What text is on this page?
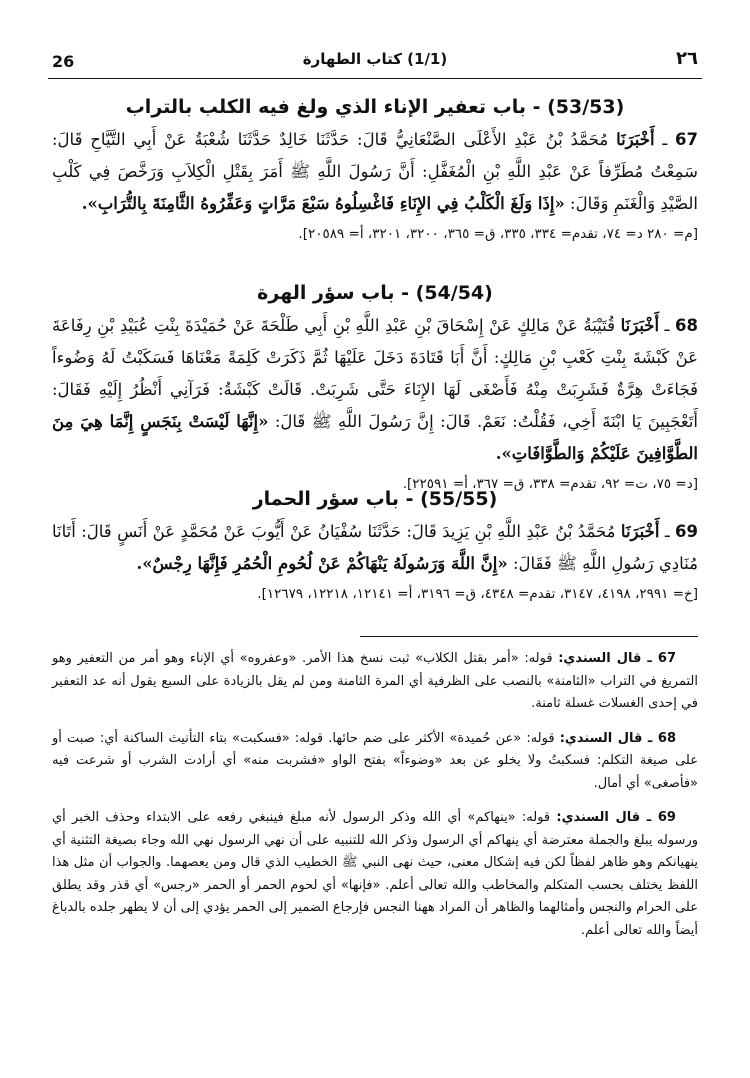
26	(1/1) كتاب الطهارة	٢٦
(53/53) - باب تعفير الإناء الذي ولغ فيه الكلب بالتراب
67 ـ أَخْبَرَنَا مُحَمَّدُ بْنُ عَبْدِ الأَعْلَى الصَّنْعَانِيُّ قَالَ: حَدَّثَنَا خَالِدٌ حَدَّثَنَا شُعْبَةُ عَنْ أَبِي التَّيَّاحِ قَالَ: سَمِعْتُ مُطَرِّفاً عَنْ عَبْدِ اللَّهِ بْنِ الْمُغَفَّلِ: أَنَّ رَسُولَ اللَّهِ ﷺ أَمَرَ بِقَتْلِ الْكِلاَبِ وَرَخَّصَ فِي كَلْبِ الصَّيْدِ وَالْغَنَمِ وَقَالَ: «إِذَا وَلَغَ الْكَلْبُ فِي الإِنَاءِ فَاغْسِلُوهُ سَبْعَ مَرَّاتٍ وَعَفِّرُوهُ الثَّامِنَةَ بِالتُّرَابِ».
[م= ٢٨٠ د= ٧٤، تقدم= ٣٣٤، ٣٣٥، ق= ٣٦٥، ٣٢٠٠، ٣٢٠١، أ= ٢٠٥٨٩].
(54/54) - باب سؤر الهرة
68 ـ أَخْبَرَنَا قُتَيْبَةُ عَنْ مَالِكٍ عَنْ إِسْحَاقَ بْنِ عَبْدِ اللَّهِ بْنِ أَبِي طَلْحَةَ عَنْ حُمَيْدَةَ بِنْتِ عُبَيْدِ بْنِ رِفَاعَةَ عَنْ كَبْشَةَ بِنْتِ كَعْبِ بْنِ مَالِكٍ: أَنَّ أَبَا قَتَادَةَ دَخَلَ عَلَيْهَا ثُمَّ ذَكَرَتْ كَلِمَةً مَعْنَاهَا فَسَكَبْتُ لَهُ وَضُوءاً فَجَاءَتْ هِرَّةٌ فَشَرِبَتْ مِنْهُ فَأَصْغَى لَهَا الإِنَاءَ حَتَّى شَرِبَتْ. قَالَتْ كَبْشَةُ: فَرَآنِي أَنْظُرُ إِلَيْهِ فَقَالَ: أَتَعْجَبِينَ يَا ابْنَةَ أَخِي، فَقُلْتُ: نَعَمْ. قَالَ: إِنَّ رَسُولَ اللَّهِ ﷺ قَالَ: «إِنَّهَا لَيْسَتْ بِنَجَسٍ إِنَّمَا هِيَ مِنَ الطَّوَّافِينَ عَلَيْكُمْ وَالطَّوَّافَاتِ».
[د= ٧٥، ت= ٩٢، تقدم= ٣٣٨، ق= ٣٦٧، أ= ٢٢٥٩١].
(55/55) - باب سؤر الحمار
69 ـ أَخْبَرَنَا مُحَمَّدُ بْنُ عَبْدِ اللَّهِ بْنِ يَزِيدَ قَالَ: حَدَّثَنَا سُفْيَانُ عَنْ أَيُّوبَ عَنْ مُحَمَّدٍ عَنْ أَنَسٍ قَالَ: أَتَانَا مُنَادِي رَسُولِ اللَّهِ ﷺ فَقَالَ: «إِنَّ اللَّهَ وَرَسُولَهُ يَنْهَاكُمْ عَنْ لُحُومِ الْحُمُرِ فَإِنَّهَا رِجْسٌ».
[خ= ٢٩٩١، ٤١٩٨، ٣١٤٧، تقدم= ٤٣٤٨، ق= ٣١٩٦، أ= ١٢١٤١، ١٢٢١٨، ١٢٦٧٩].

67 ـ قال السندي: قوله: «أمر بقتل الكلاب» ثبت نسخ هذا الأمر. «وعفروه» أي الإناء وهو أمر من التعفير وهو التمريغ في التراب «الثامنة» بالنصب على الظرفية أي المرة الثامنة ومن لم يقل بالزيادة على السبع يقول أنه عد التعفير في إحدى الغسلات غسلة ثامنة.

68 ـ قال السندي: قوله: «عن حُميدة» الأكثر على ضم حائها. قوله: «فسكبت» بتاء التأنيث الساكنة أي: صبت أو على صيغة التكلم: فسكبتُ ولا يخلو عن بعد «وضوءاً» بفتح الواو «فشربت منه» أي أرادت الشرب أو شرعت فيه «فأصغى» أي أمال.

69 ـ قال السندي: قوله: «ينهاكم» أي الله وذكر الرسول لأنه مبلغ فينبغي رفعه على الابتداء وحذف الخبر أي ورسوله يبلغ والجملة معترضة أي ينهاكم أي الرسول وذكر الله للتنبيه على أن نهي الرسول نهي الله وجاء بصيغة التثنية أي ينهيانكم وهو ظاهر لفظاً لكن فيه إشكال معنى، حيث نهى النبي ﷺ الخطيب الذي قال ومن يعصهما. والجواب أن مثل هذا اللفظ يختلف بحسب المتكلم والمخاطب والله تعالى أعلم. «فإنها» أي لحوم الحمر أو الحمر «رجس» أي قذر وقد يطلق على الحرام والنجس وأمثالهما والظاهر أن المراد ههنا النجس فإرجاع الضمير إلى الحمر يؤدي إلى أن لا يطهر جلده بالدباغ أيضاً والله تعالى أعلم.
